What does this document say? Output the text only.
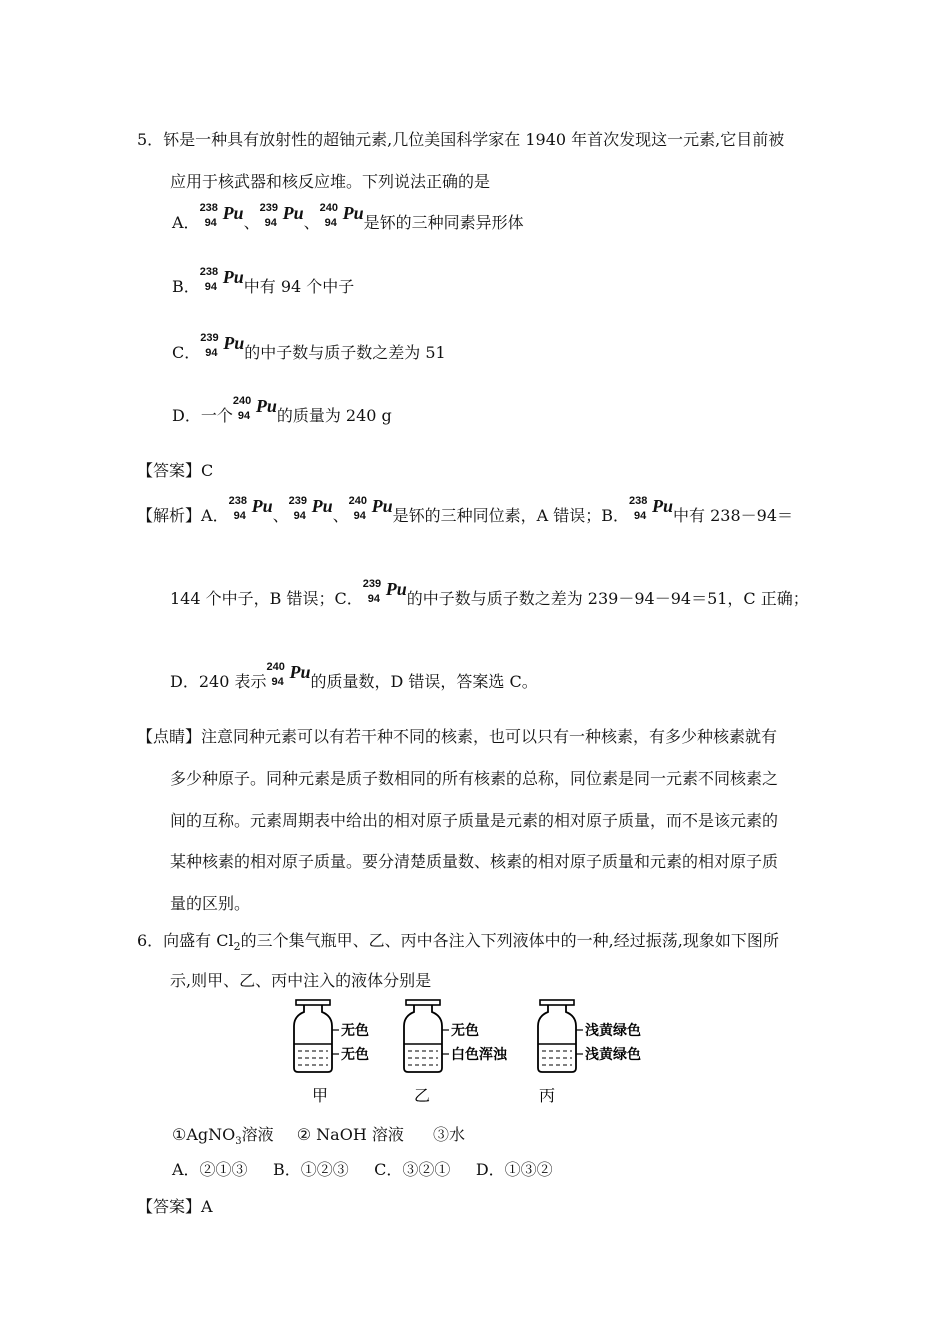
5．钚是一种具有放射性的超铀元素,几位美国科学家在 1940 年首次发现这一元素,它目前被
应用于核武器和核反应堆。下列说法正确的是
A．
238
94 Pu 、
239
94 Pu 、
240
94 Pu 是钚的三种同素异形体
B．
238
94 Pu 中有 94 个中子
C．
239
94 Pu 的中子数与质子数之差为 51
D．一个
240
94 Pu 的质量为 240 g
【答案】C
【解析】A．
238
94 Pu 、
239
94 Pu 、
240
94 Pu 是钚的三种同位素，A 错误；B．
238
94 Pu 中有 238－94＝
144 个中子，B 错误；C．
239
94 Pu 的中子数与质子数之差为 239－94－94＝51，C 正确；
D．240 表示
240
94 Pu 的质量数，D 错误，答案选 C。
【点睛】注意同种元素可以有若干种不同的核素，也可以只有一种核素，有多少种核素就有
多少种原子。同种元素是质子数相同的所有核素的总称，同位素是同一元素不同核素之
间的互称。元素周期表中给出的相对原子质量是元素的相对原子质量，而不是该元素的
某种核素的相对原子质量。要分清楚质量数、核素的相对原子质量和元素的相对原子质
量的区别。
6．向盛有 $Cl_2$的三个集气瓶甲、乙、丙中各注入下列液体中的一种,经过振荡,现象如下图所
示,则甲、乙、丙中注入的液体分别是
无色
无色
无色
白色浑浊
浅黄绿色
浅黄绿色
甲	乙	丙
①AgNO$_3$溶液 ② NaOH 溶液 ③水
A．②①③     B．①②③     C．③②①     D．①③②
【答案】A
